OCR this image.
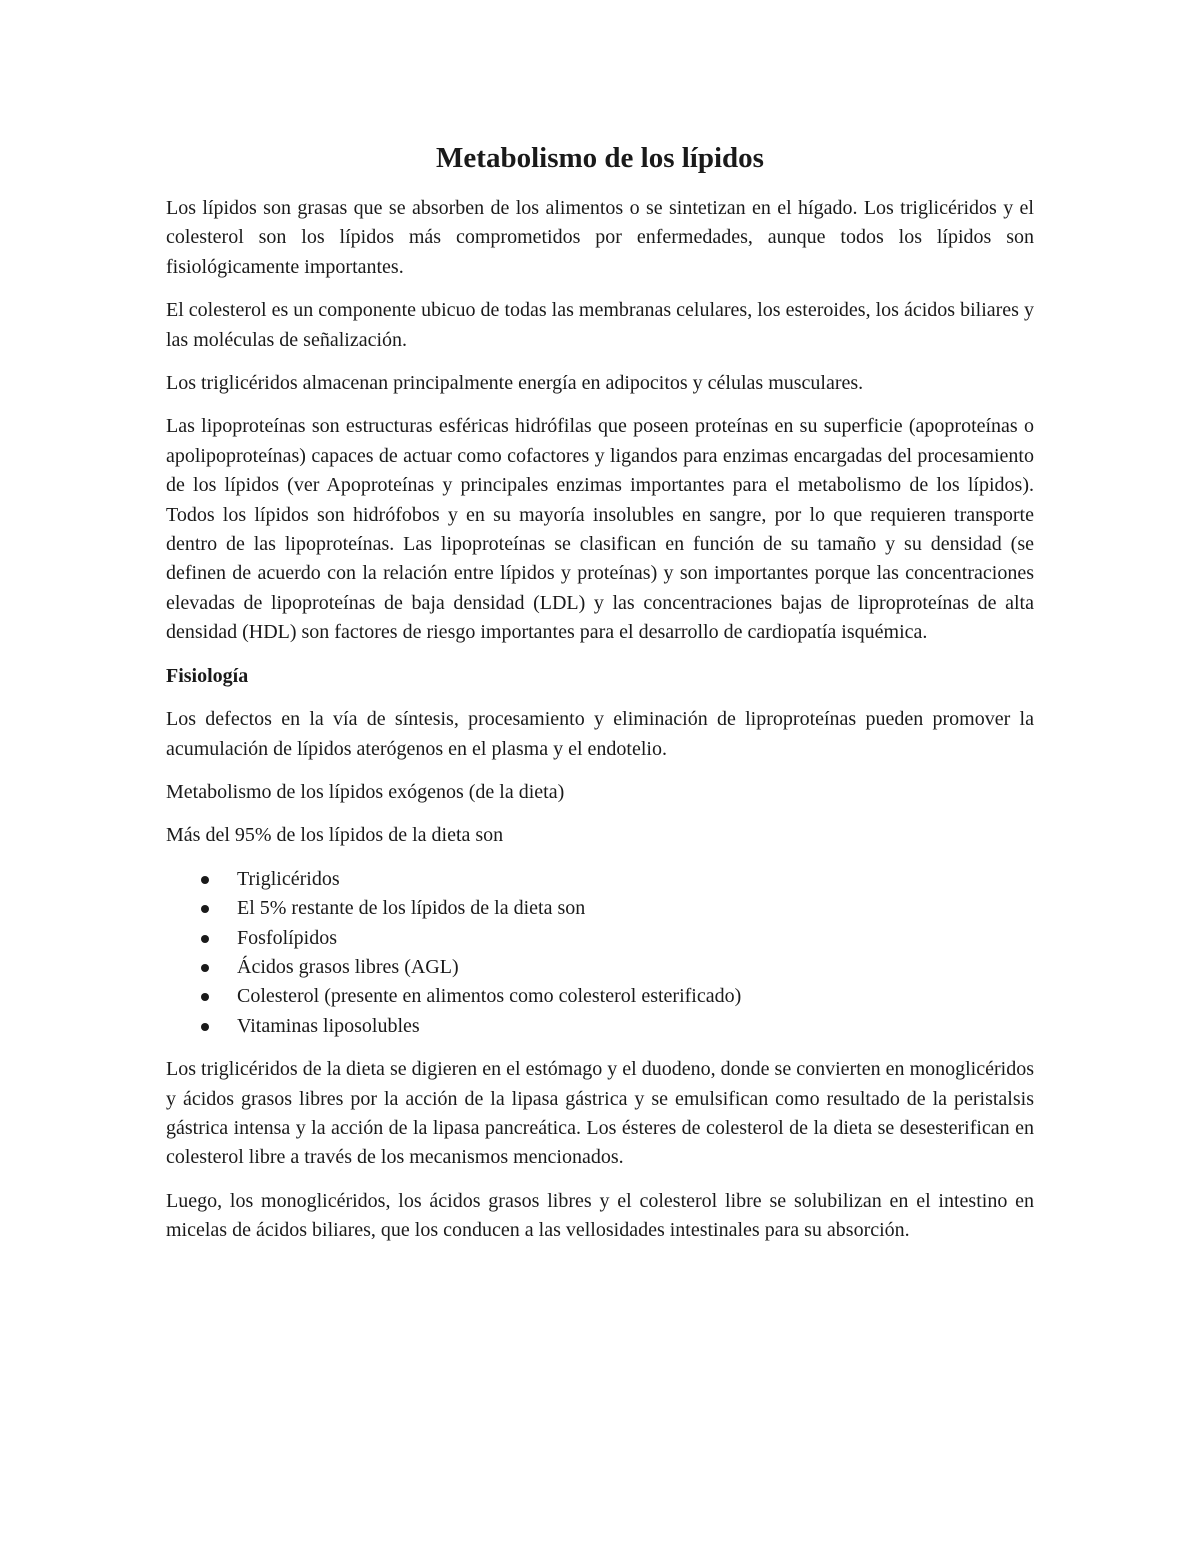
Metabolismo de los lípidos

Los lípidos son grasas que se absorben de los alimentos o se sintetizan en el hígado. Los triglicéridos y el colesterol son los lípidos más comprometidos por enfermedades, aunque todos los lípidos son fisiológicamente importantes.

El colesterol es un componente ubicuo de todas las membranas celulares, los esteroides, los ácidos biliares y las moléculas de señalización.

Los triglicéridos almacenan principalmente energía en adipocitos y células musculares.

Las lipoproteínas son estructuras esféricas hidrófilas que poseen proteínas en su superficie (apoproteínas o apolipoproteínas) capaces de actuar como cofactores y ligandos para enzimas encargadas del procesamiento de los lípidos (ver Apoproteínas y principales enzimas importantes para el metabolismo de los lípidos). Todos los lípidos son hidrófobos y en su mayoría insolubles en sangre, por lo que requieren transporte dentro de las lipoproteínas. Las lipoproteínas se clasifican en función de su tamaño y su densidad (se definen de acuerdo con la relación entre lípidos y proteínas) y son importantes porque las concentraciones elevadas de lipoproteínas de baja densidad (LDL) y las concentraciones bajas de liproproteínas de alta densidad (HDL) son factores de riesgo importantes para el desarrollo de cardiopatía isquémica.

Fisiología

Los defectos en la vía de síntesis, procesamiento y eliminación de liproproteínas pueden promover la acumulación de lípidos aterógenos en el plasma y el endotelio.

Metabolismo de los lípidos exógenos (de la dieta)

Más del 95% de los lípidos de la dieta son

Triglicéridos
El 5% restante de los lípidos de la dieta son
Fosfolípidos
Ácidos grasos libres (AGL)
Colesterol (presente en alimentos como colesterol esterificado)
Vitaminas liposolubles

Los triglicéridos de la dieta se digieren en el estómago y el duodeno, donde se convierten en monoglicéridos y ácidos grasos libres por la acción de la lipasa gástrica y se emulsifican como resultado de la peristalsis gástrica intensa y la acción de la lipasa pancreática. Los ésteres de colesterol de la dieta se desesterifican en colesterol libre a través de los mecanismos mencionados.

Luego, los monoglicéridos, los ácidos grasos libres y el colesterol libre se solubilizan en el intestino en micelas de ácidos biliares, que los conducen a las vellosidades intestinales para su absorción.
